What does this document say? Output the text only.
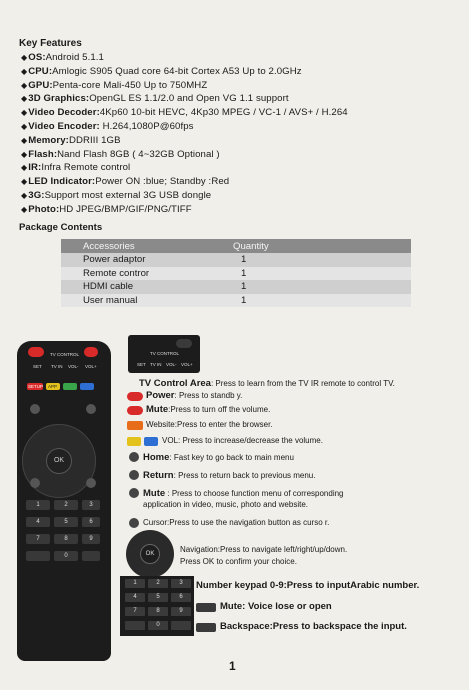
Key Features
◆OS:Android 5.1.1
◆CPU:Amlogic S905 Quad core 64-bit Cortex A53 Up to 2.0GHz
◆GPU:Penta-core Mali-450 Up to 750MHZ
◆3D Graphics:OpenGL ES 1.1/2.0 and Open VG 1.1 support
◆Video Decoder:4Kp60 10-bit HEVC, 4Kp30 MPEG / VC-1 / AVS+ / H.264
◆Video Encoder: H.264,1080P@60fps
◆Memory:DDRIII 1GB
◆Flash:Nand Flash 8GB ( 4~32GB Optional )
◆IR:Infra Remote control
◆LED Indicator:Power ON :blue; Standby :Red
◆3G:Support most external 3G USB dongle
◆Photo:HD JPEG/BMP/GIF/PNG/TIFF
Package Contents
Accessories	Quantity
Power adaptor	1
Remote contror	1
HDMI cable	1
User manual	1
TV CONTROL
SET TV IN VOL- VOL+
SETUP APP
OK
1	2	3
4	5	6
7	8	9
0
TV CONTROL
SET TV IN VOL- VOL+
TV Control Area: Press to learn from the TV IR remote to control TV.
Power: Press to standb y.
Mute:Press to turn off the volume.
Website:Press to enter the browser.
VOL: Press to increase/decrease the volume.
Home: Fast key to go back to main menu
Return: Press to return back to previous menu.
Mute : Press to choose function menu of corresponding
application in video, music, photo and website.
Cursor:Press to use the navigation button as curso r.
OK	Navigation:Press to navigate left/right/up/down.
Press OK to confirm your choice.
1	2	3
4	5	6
7	8	9
0
Number keypad 0-9:Press to inputArabic number.
Mute: Voice lose or open
Backspace:Press to backspace the input.
1
